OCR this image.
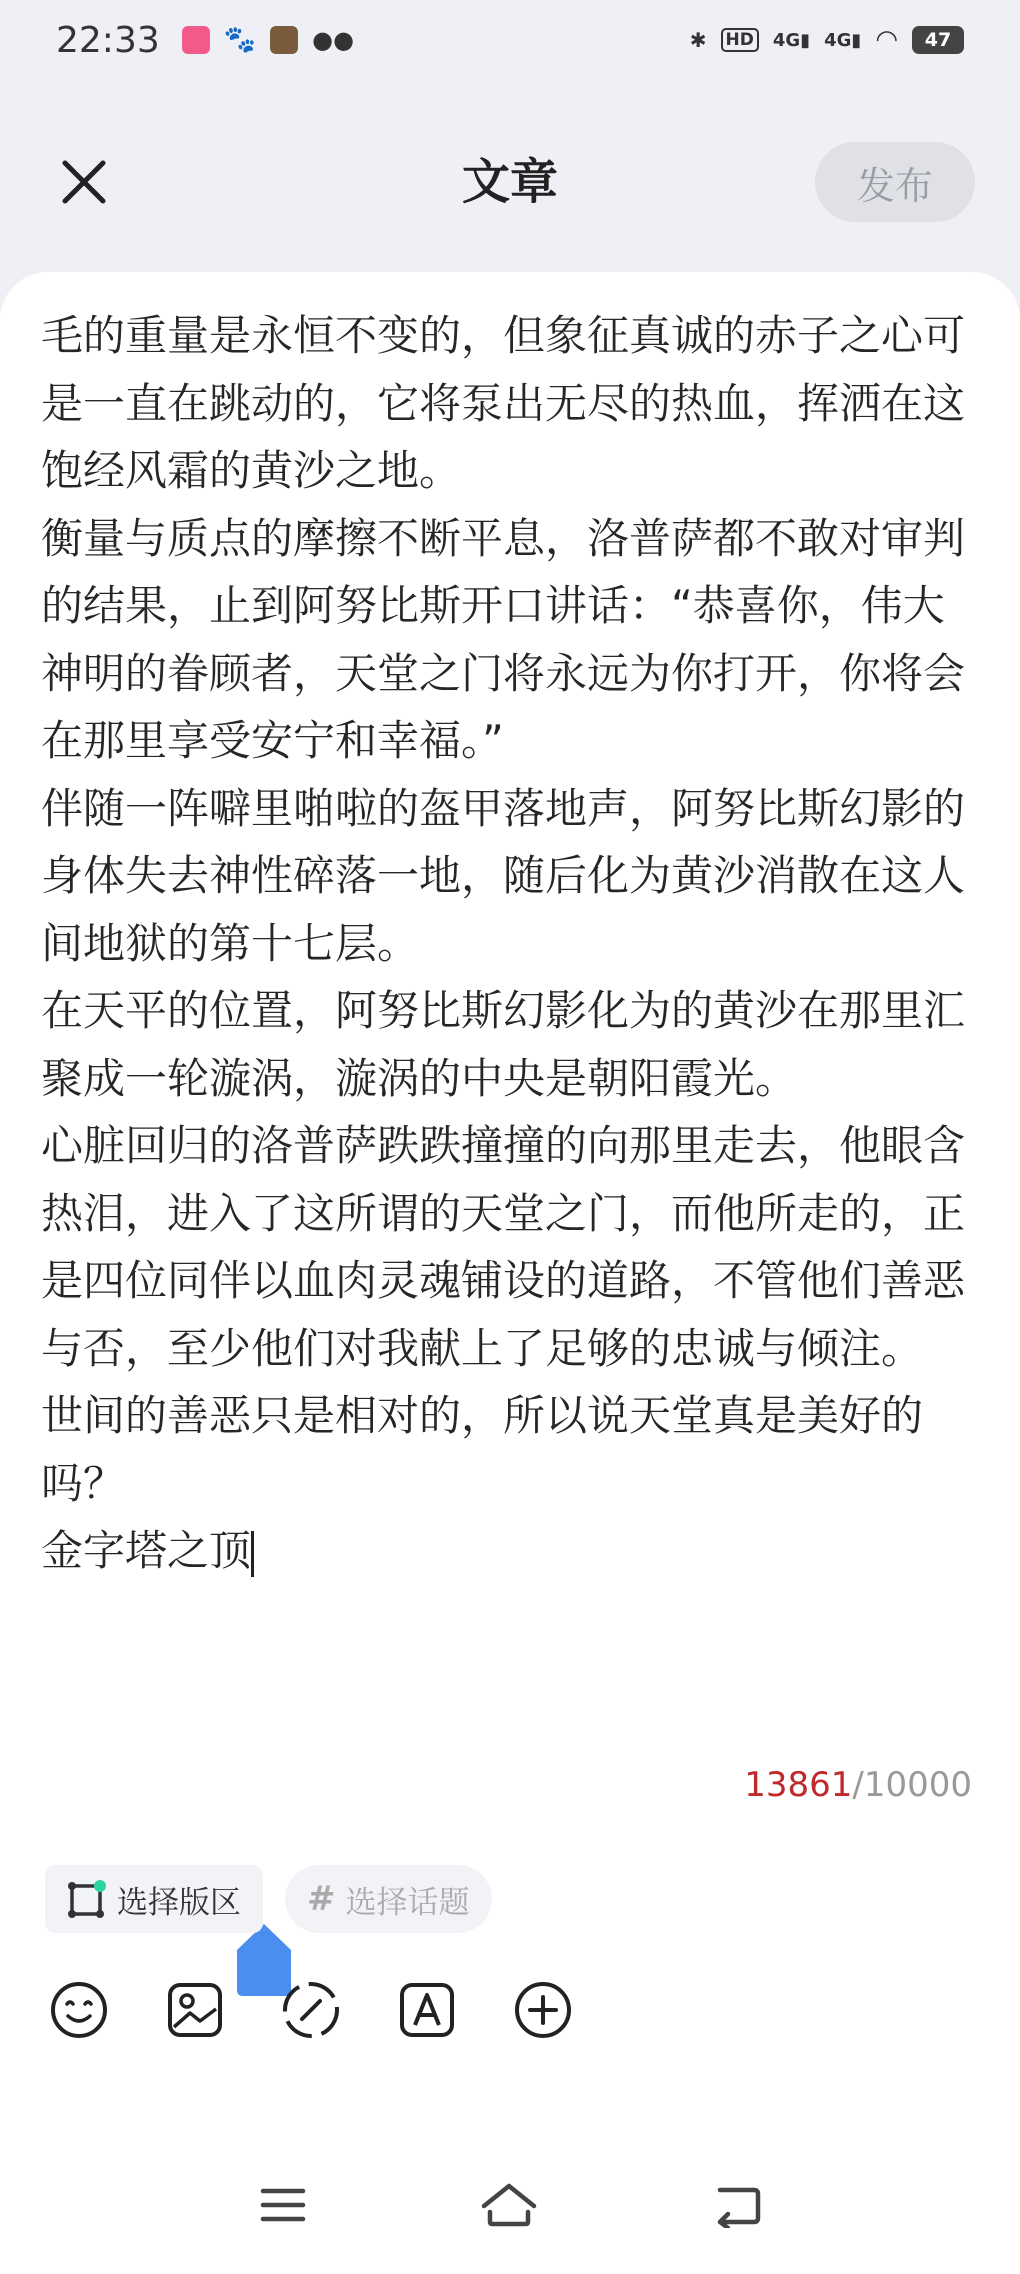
22:33 🐾 ●●	✱ HD 4G▮ 4G▮ ◠	47
文章	发布

毛的重量是永恒不变的，但象征真诚的赤子之心可是一直在跳动的，它将泵出无尽的热血，挥洒在这饱经风霜的黄沙之地。

衡量与质点的摩擦不断平息，洛普萨都不敢对审判的结果，止到阿努比斯开口讲话：“恭喜你，伟大神明的眷顾者，天堂之门将永远为你打开，你将会在那里享受安宁和幸福。”

伴随一阵噼里啪啦的盔甲落地声，阿努比斯幻影的身体失去神性碎落一地，随后化为黄沙消散在这人间地狱的第十七层。

在天平的位置，阿努比斯幻影化为的黄沙在那里汇聚成一轮漩涡，漩涡的中央是朝阳霞光。

心脏回归的洛普萨跌跌撞撞的向那里走去，他眼含热泪，进入了这所谓的天堂之门，而他所走的，正是四位同伴以血肉灵魂铺设的道路，不管他们善恶与否，至少他们对我献上了足够的忠诚与倾注。

世间的善恶只是相对的，所以说天堂真是美好的吗？

金字塔之顶

13861/10000
选择版区 # 选择话题
